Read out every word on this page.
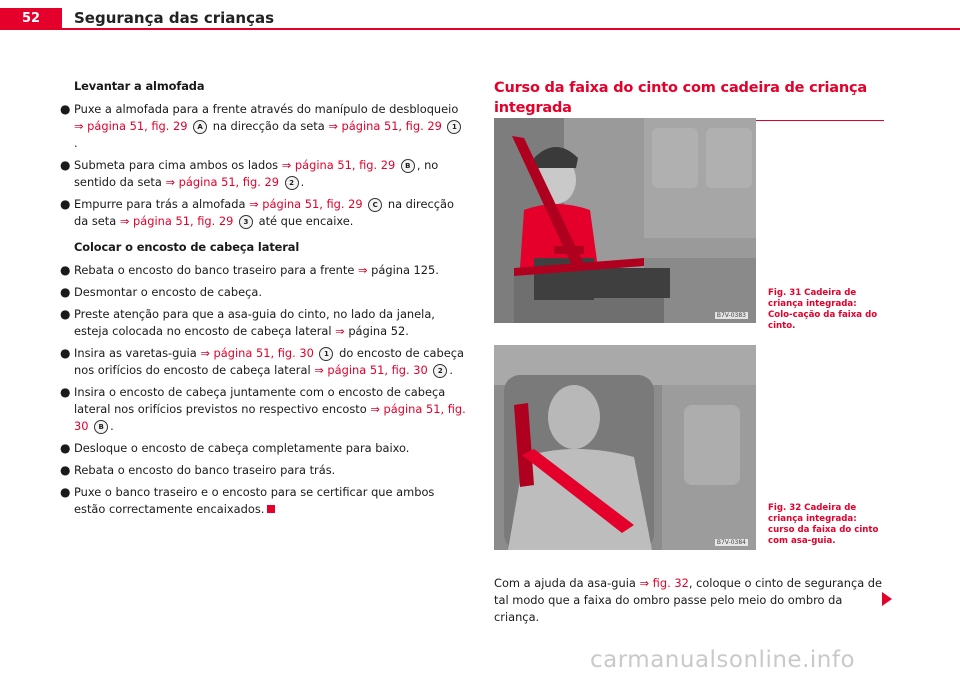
52	Segurança das crianças
Levantar a almofada

● Puxe a almofada para a frente através do manípulo de desbloqueio ⇒ página 51, fig. 29 A na direcção da seta ⇒ página 51, fig. 29 1.

● Submeta para cima ambos os lados ⇒ página 51, fig. 29 B , no sentido da seta ⇒ página 51, fig. 29 2 .

● Empurre para trás a almofada ⇒ página 51, fig. 29 C na direcção da seta ⇒ página 51, fig. 29 3 até que encaixe.

Colocar o encosto de cabeça lateral

● Rebata o encosto do banco traseiro para a frente ⇒ página 125.

● Desmontar o encosto de cabeça.

● Preste atenção para que a asa-guia do cinto, no lado da janela, esteja colocada no encosto de cabeça lateral ⇒ página 52.

● Insira as varetas-guia ⇒ página 51, fig. 30 1 do encosto de cabeça nos orifícios do encosto de cabeça lateral ⇒ página 51, fig. 30 2 .

● Insira o encosto de cabeça juntamente com o encosto de cabeça lateral nos orifícios previstos no respectivo encosto ⇒ página 51, fig. 30 B .

● Desloque o encosto de cabeça completamente para baixo.

● Rebata o encosto do banco traseiro para trás.

● Puxe o banco traseiro e o encosto para se certificar que ambos estão correctamente encaixados.

Curso da faixa do cinto com cadeira de criança integrada
B7V-0383
Fig. 31 Cadeira de criança integrada: Colo-cação da faixa do cinto.
B7V-0384
Fig. 32 Cadeira de criança integrada: curso da faixa do cinto com asa-guia.

Com a ajuda da asa-guia ⇒ fig. 32, coloque o cinto de segurança de tal modo que a faixa do ombro passe pelo meio do ombro da criança.

carmanualsonline.info
